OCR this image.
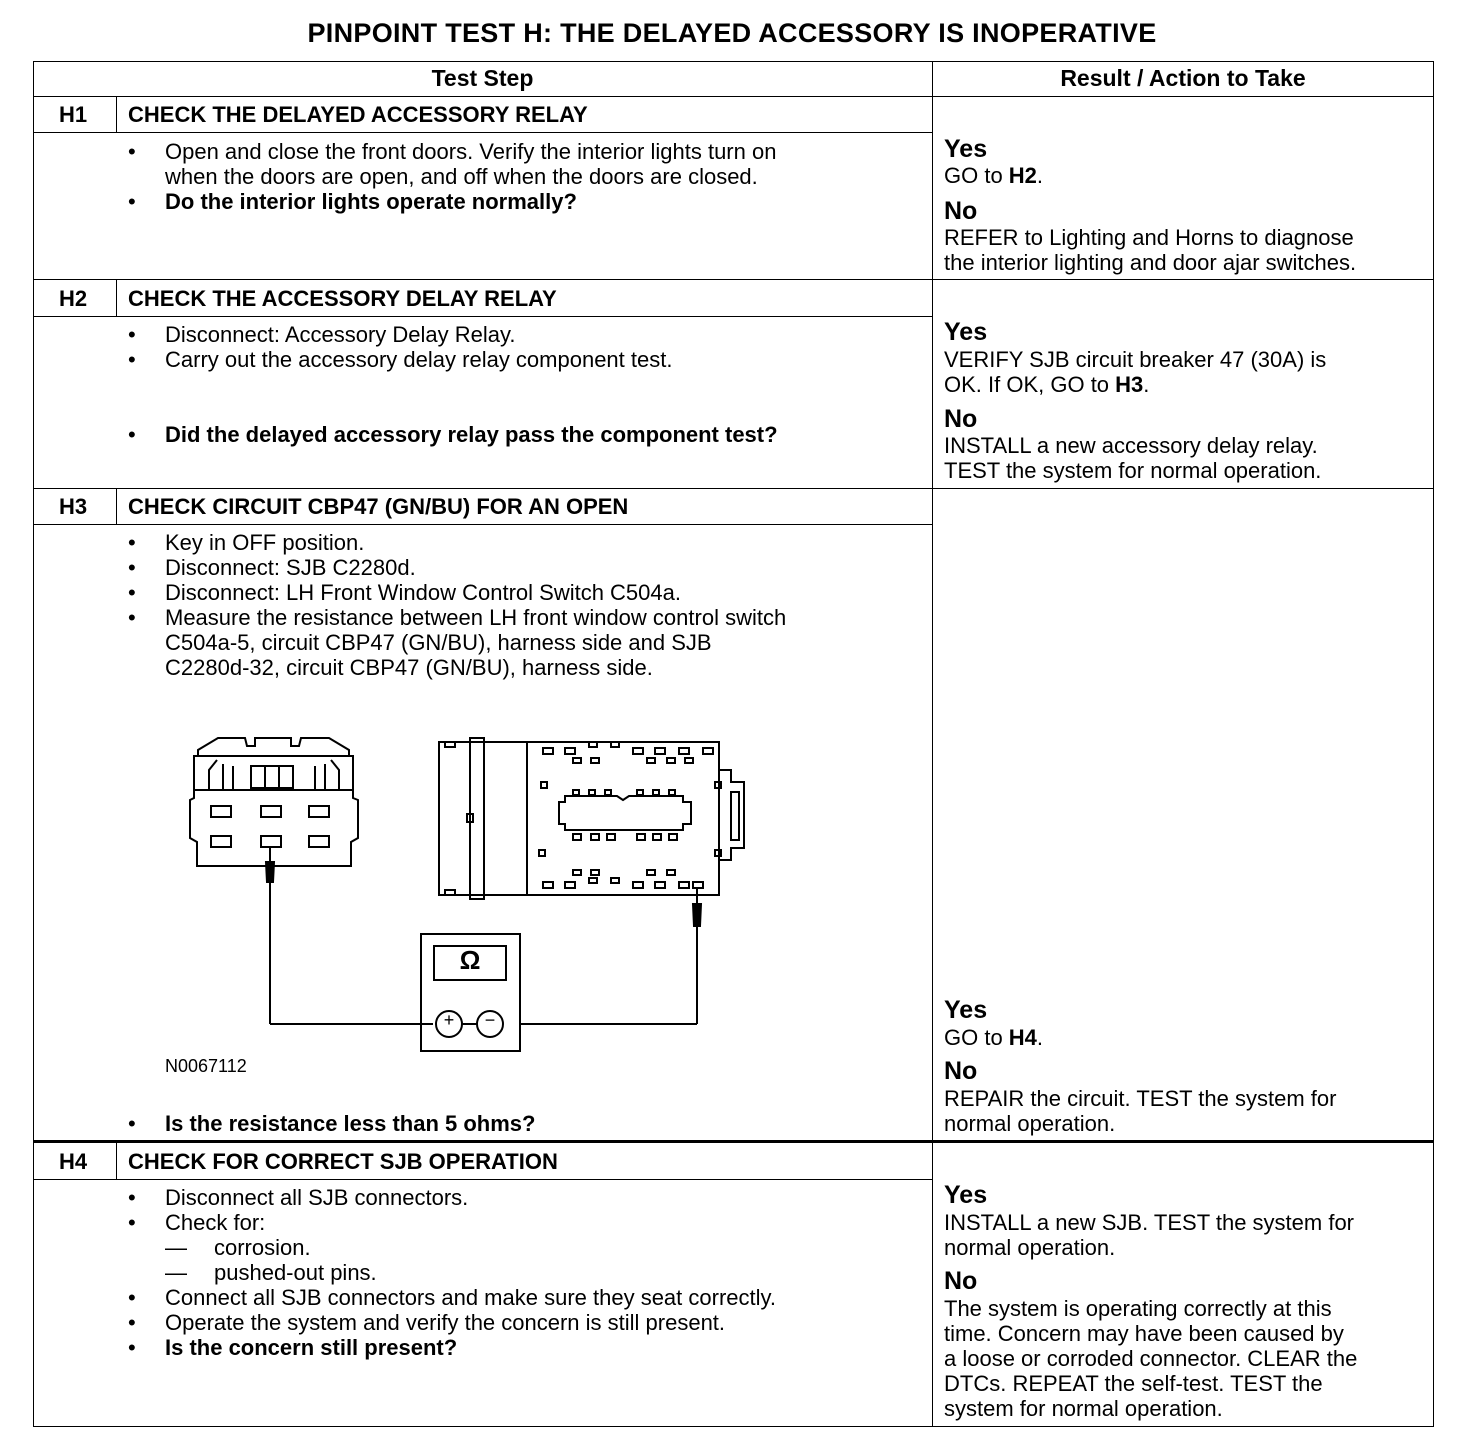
PINPOINT TEST H: THE DELAYED ACCESSORY IS INOPERATIVE
Test Step	Result / Action to Take
H1	CHECK THE DELAYED ACCESSORY RELAY
• Open and close the front doors. Verify the interior lights turn on
when the doors are open, and off when the doors are closed.
• Do the interior lights operate normally?
Yes
GO to H2.
No
REFER to Lighting and Horns to diagnose
the interior lighting and door ajar switches.
H2	CHECK THE ACCESSORY DELAY RELAY
• Disconnect: Accessory Delay Relay.
• Carry out the accessory delay relay component test.
• Did the delayed accessory relay pass the component test?
Yes
VERIFY SJB circuit breaker 47 (30A) is
OK. If OK, GO to H3.
No
INSTALL a new accessory delay relay.
TEST the system for normal operation.
H3	CHECK CIRCUIT CBP47 (GN/BU) FOR AN OPEN
• Key in OFF position.
• Disconnect: SJB C2280d.
• Disconnect: LH Front Window Control Switch C504a.
• Measure the resistance between LH front window control switch
C504a-5, circuit CBP47 (GN/BU), harness side and SJB
C2280d-32, circuit CBP47 (GN/BU), harness side.
Ω
+ −
N0067112
• Is the resistance less than 5 ohms?
Yes
GO to H4.
No
REPAIR the circuit. TEST the system for
normal operation.
H4	CHECK FOR CORRECT SJB OPERATION
• Disconnect all SJB connectors.
• Check for:
— corrosion.
— pushed-out pins.
• Connect all SJB connectors and make sure they seat correctly.
• Operate the system and verify the concern is still present.
• Is the concern still present?
Yes
INSTALL a new SJB. TEST the system for
normal operation.
No
The system is operating correctly at this
time. Concern may have been caused by
a loose or corroded connector. CLEAR the
DTCs. REPEAT the self-test. TEST the
system for normal operation.
